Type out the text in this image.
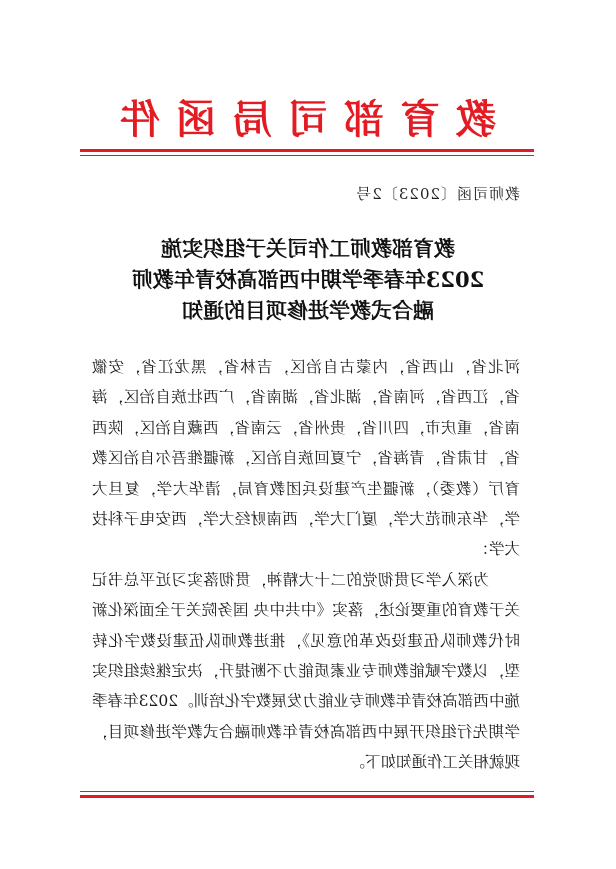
教育部司局函件
教师司函〔2023〕2号
教育部教师工作司关于组织实施
2023年春季学期中西部高校青年教师
融合式教学进修项目的通知

河北省，山西省，内蒙古自治区，吉林省，黑龙江省，安徽省，江西省，河南省，湖北省，湖南省，广西壮族自治区，海南省，重庆市，四川省，贵州省，云南省，西藏自治区，陕西省，甘肃省，青海省，宁夏回族自治区，新疆维吾尔自治区教育厅（教委），新疆生产建设兵团教育局，清华大学，复旦大学，华东师范大学，厦门大学，西南财经大学，西安电子科技大学：

为深入学习贯彻党的二十大精神，贯彻落实习近平总书记关于教育的重要论述，落实《中共中央 国务院关于全面深化新时代教师队伍建设改革的意见》，推进教师队伍建设数字化转型，以数字赋能教师专业素质能力不断提升，决定继续组织实施中西部高校青年教师专业能力发展数字化培训。2023年春季学期先行组织开展中西部高校青年教师融合式教学进修项目，现就相关工作通知如下。
